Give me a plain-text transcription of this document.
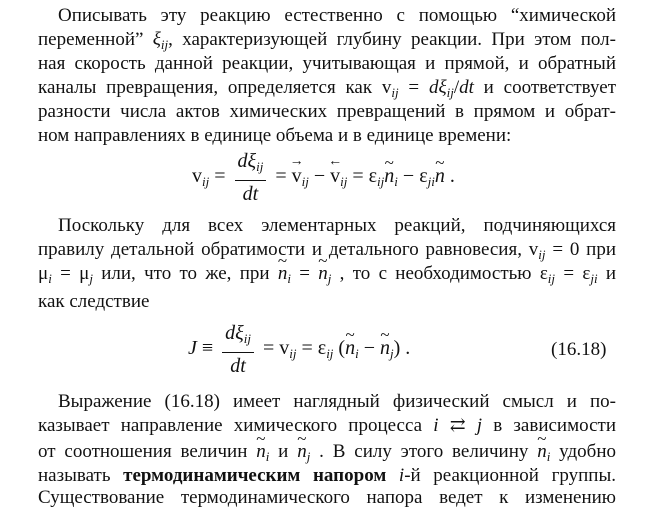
Описывать эту реакцию естественно с помощью “химической
переменной” $\xi_{ij}$, характеризующей глубину реакции. При этом пол-
ная скорость данной реакции, учитывающая и прямой, и обратный
каналы превращения, определяется как $v_{ij} = d\xi_{ij}/dt$ и соответствует
разности числа актов химических превращений в прямом и обрат-
ном направлениях в единице объема и в единице времени:
$v_{ij} = \frac{d\xi_{ij}}{dt} = v \to_{ij} - v$ $\leftarrow_{ij} = \varepsilon_{ij}n$ $\sim_i - \varepsilon_{ji}n$ ~ .
Поскольку для всех элементарных реакций, подчиняющихся
правилу детальной обратимости и детального равновесия, $v_{ij} = 0$ при
$\mu_i = \mu_j$ или, что то же, при n $\sim_i = n$ $\sim_j$ , то с необходимостью $\varepsilon_{ij} = \varepsilon_{ji}$ и
как следствие
$J \equiv \frac{d\xi_{ij}}{dt} = v_{ij} = \varepsilon_{ij}$ (n $\sim_i - n$ $\sim_j$) .	(16.18)
Выражение (16.18) имеет наглядный физический смысл и по-
казывает направление химического процесса i ⇄ j в зависимости
от соотношения величин n $\sim_i$ и n $\sim_j$ . В силу этого величину n $\sim_i$ удобно
называть термодинамическим напором i-й реакционной группы.
Существование термодинамического напора ведет к изменению
